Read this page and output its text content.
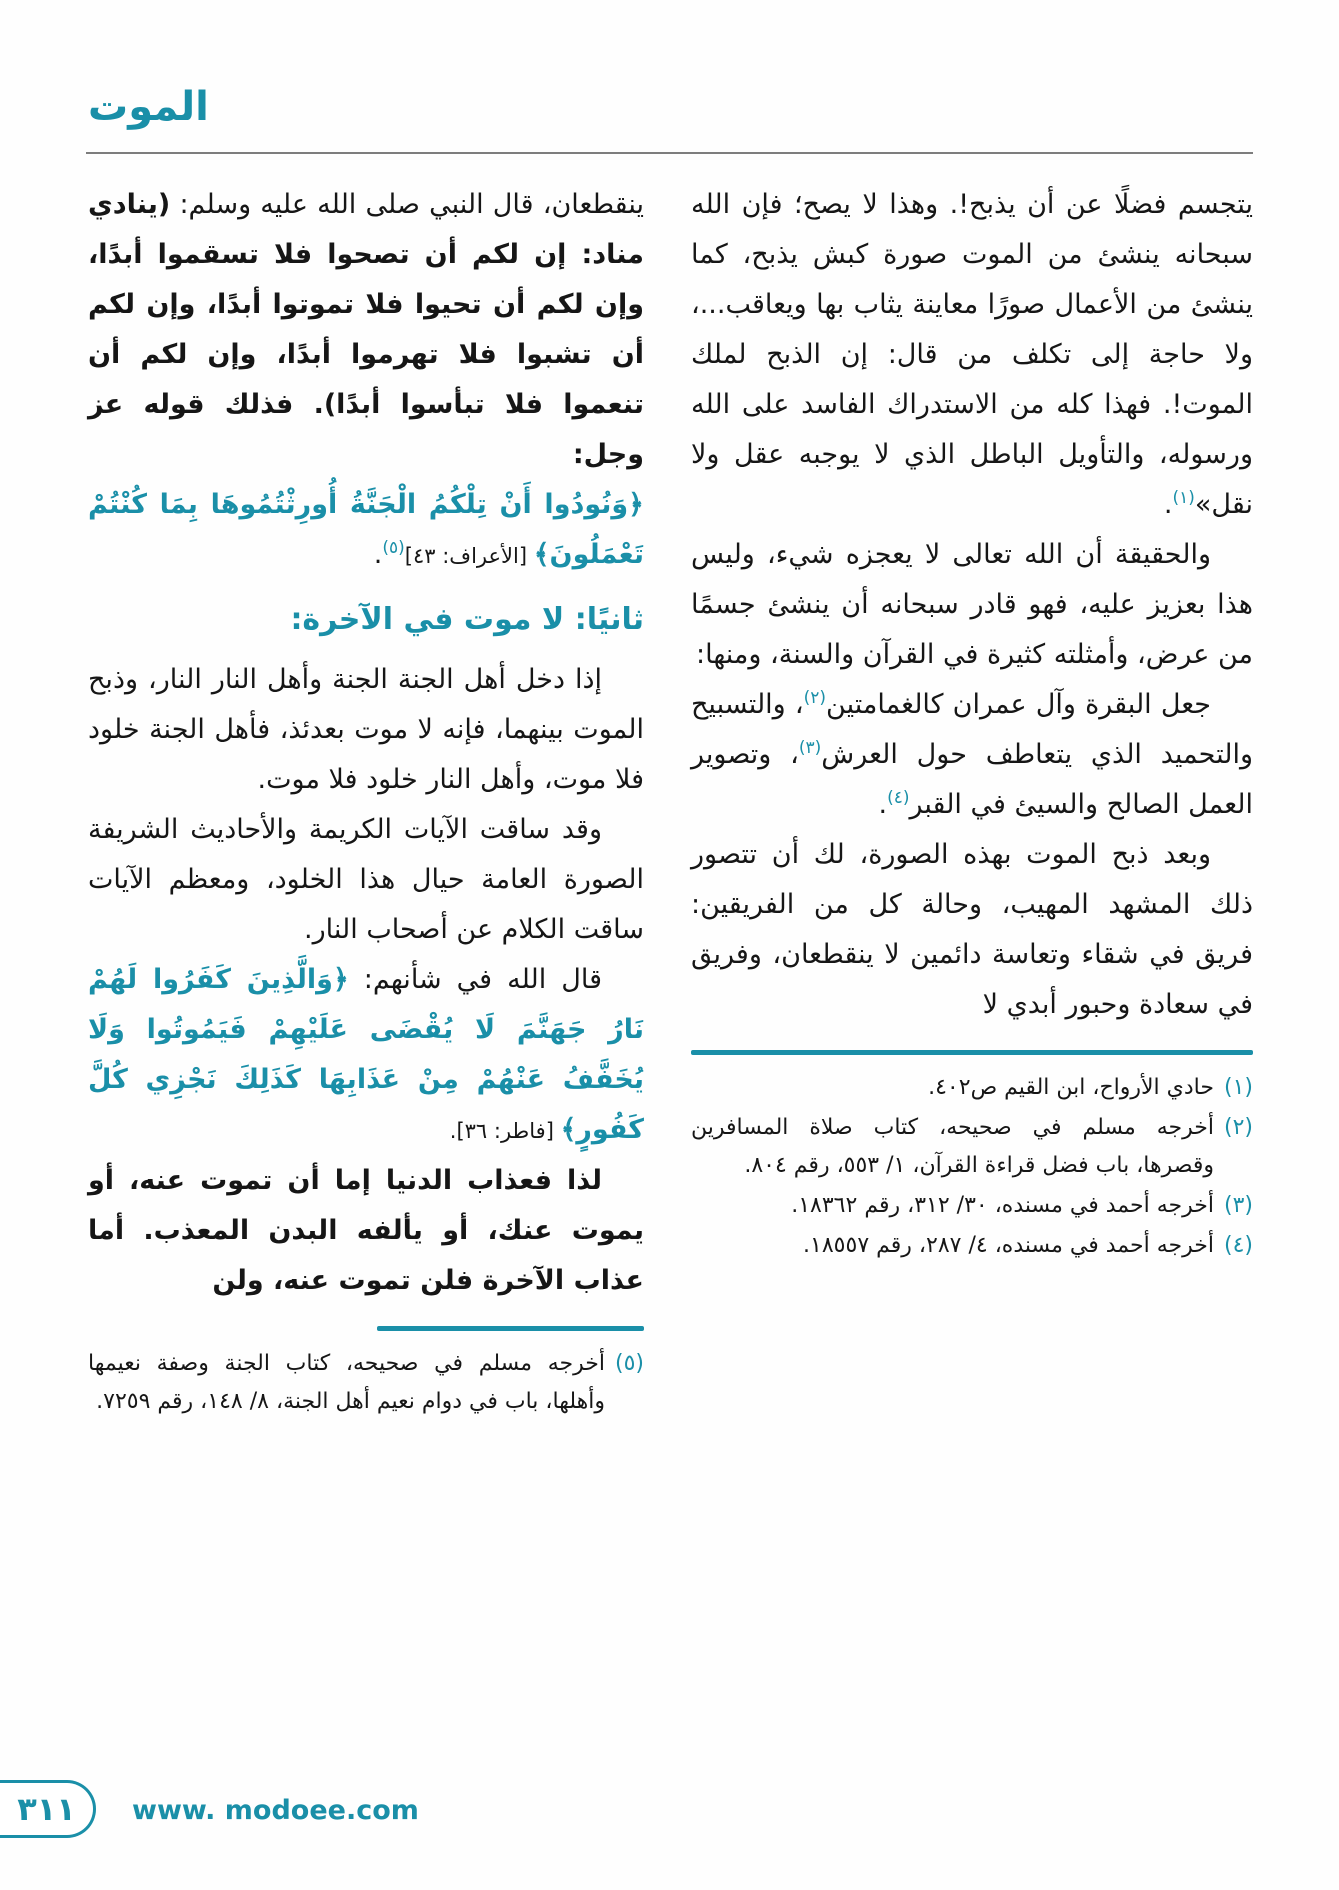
الموت

يتجسم فضلًا عن أن يذبح!. وهذا لا يصح؛ فإن الله سبحانه ينشئ من الموت صورة كبش يذبح، كما ينشئ من الأعمال صورًا معاينة يثاب بها ويعاقب...، ولا حاجة إلى تكلف من قال: إن الذبح لملك الموت!. فهذا كله من الاستدراك الفاسد على الله ورسوله، والتأويل الباطل الذي لا يوجبه عقل ولا نقل»$^{(١)}$.

والحقيقة أن الله تعالى لا يعجزه شيء، وليس هذا بعزيز عليه، فهو قادر سبحانه أن ينشئ جسمًا من عرض، وأمثلته كثيرة في القرآن والسنة، ومنها:

جعل البقرة وآل عمران كالغمامتين$^{(٢)}$، والتسبيح والتحميد الذي يتعاطف حول العرش$^{(٣)}$، وتصوير العمل الصالح والسيئ في القبر$^{(٤)}$.

وبعد ذبح الموت بهذه الصورة، لك أن تتصور ذلك المشهد المهيب، وحالة كل من الفريقين: فريق في شقاء وتعاسة دائمين لا ينقطعان، وفريق في سعادة وحبور أبدي لا

(١)
حادي الأرواح، ابن القيم ص٤٠٢.
(٢)
أخرجه مسلم في صحيحه، كتاب صلاة المسافرين وقصرها، باب فضل قراءة القرآن، ١/ ٥٥٣، رقم ٨٠٤.
(٣)
أخرجه أحمد في مسنده، ٣٠/ ٣١٢، رقم ١٨٣٦٢.
(٤)
أخرجه أحمد في مسنده، ٤/ ٢٨٧، رقم ١٨٥٥٧.

ينقطعان، قال النبي صلى الله عليه وسلم: (ينادي مناد: إن لكم أن تصحوا فلا تسقموا أبدًا، وإن لكم أن تحيوا فلا تموتوا أبدًا، وإن لكم أن تشبوا فلا تهرموا أبدًا، وإن لكم أن تنعموا فلا تبأسوا أبدًا). فذلك قوله عز وجل:

﴿وَنُودُوا أَنْ تِلْكُمُ الْجَنَّةُ أُورِثْتُمُوهَا بِمَا كُنْتُمْ تَعْمَلُونَ﴾ [الأعراف: ٤٣]$^{(٥)}$.

ثانيًا: لا موت في الآخرة:

إذا دخل أهل الجنة الجنة وأهل النار النار، وذبح الموت بينهما، فإنه لا موت بعدئذ، فأهل الجنة خلود فلا موت، وأهل النار خلود فلا موت.

وقد ساقت الآيات الكريمة والأحاديث الشريفة الصورة العامة حيال هذا الخلود، ومعظم الآيات ساقت الكلام عن أصحاب النار.

قال الله في شأنهم: ﴿وَالَّذِينَ كَفَرُوا لَهُمْ نَارُ جَهَنَّمَ لَا يُقْضَى عَلَيْهِمْ فَيَمُوتُوا وَلَا يُخَفَّفُ عَنْهُمْ مِنْ عَذَابِهَا كَذَلِكَ نَجْزِي كُلَّ كَفُورٍ﴾ [فاطر: ٣٦].

لذا فعذاب الدنيا إما أن تموت عنه، أو يموت عنك، أو يألفه البدن المعذب. أما عذاب الآخرة فلن تموت عنه، ولن

(٥)
أخرجه مسلم في صحيحه، كتاب الجنة وصفة نعيمها وأهلها، باب في دوام نعيم أهل الجنة، ٨/ ١٤٨، رقم ٧٢٥٩.
٣١١ www. modoee.com
